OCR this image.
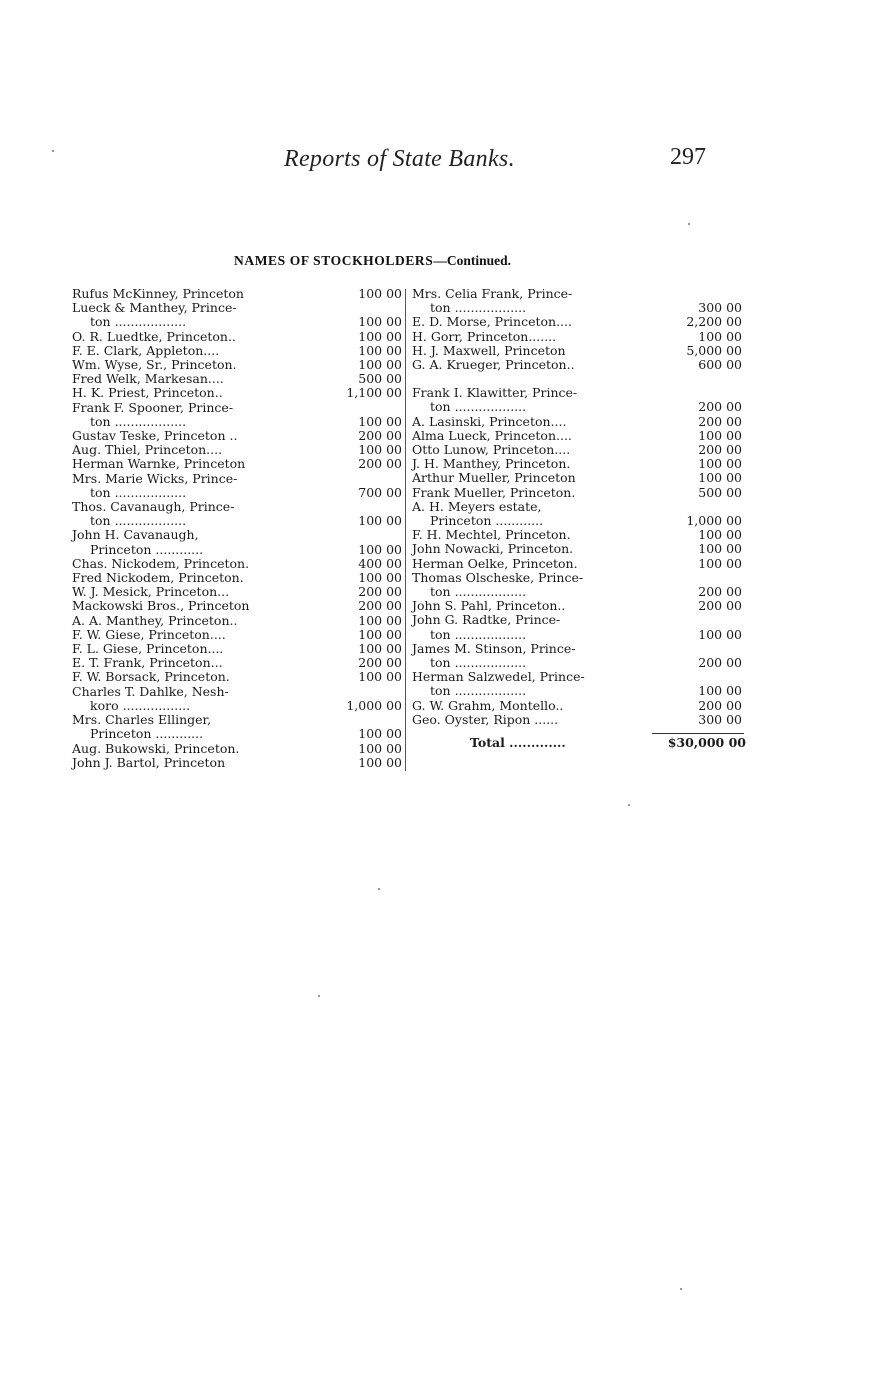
Reports of State Banks.	297
NAMES OF STOCKHOLDERS—Continued.
Rufus McKinney, Princeton	100 00
Lueck & Manthey, Prince-
ton ..................	100 00
O. R. Luedtke, Princeton..	100 00
F. E. Clark, Appleton....	100 00
Wm. Wyse, Sr., Princeton.	100 00
Fred Welk, Markesan....	500 00
H. K. Priest, Princeton..	1,100 00
Frank F. Spooner, Prince-
ton ..................	100 00
Gustav Teske, Princeton ..	200 00
Aug. Thiel, Princeton....	100 00
Herman Warnke, Princeton	200 00
Mrs. Marie Wicks, Prince-
ton ..................	700 00
Thos. Cavanaugh, Prince-
ton ..................	100 00
John H. Cavanaugh,
Princeton ............	100 00
Chas. Nickodem, Princeton.	400 00
Fred Nickodem, Princeton.	100 00
W. J. Mesick, Princeton...	200 00
Mackowski Bros., Princeton	200 00
A. A. Manthey, Princeton..	100 00
F. W. Giese, Princeton....	100 00
F. L. Giese, Princeton....	100 00
E. T. Frank, Princeton...	200 00
F. W. Borsack, Princeton.	100 00
Charles T. Dahlke, Nesh-
koro .................	1,000 00
Mrs. Charles Ellinger,
Princeton ............	100 00
Aug. Bukowski, Princeton.	100 00
John J. Bartol, Princeton	100 00
Mrs. Celia Frank, Prince-
ton ..................	300 00
E. D. Morse, Princeton....	2,200 00
H. Gorr, Princeton.......	100 00
H. J. Maxwell, Princeton	5,000 00
G. A. Krueger, Princeton..	600 00
Frank I. Klawitter, Prince-
ton ..................	200 00
A. Lasinski, Princeton....	200 00
Alma Lueck, Princeton....	100 00
Otto Lunow, Princeton....	200 00
J. H. Manthey, Princeton.	100 00
Arthur Mueller, Princeton	100 00
Frank Mueller, Princeton.	500 00
A. H. Meyers estate,
Princeton ............	1,000 00
F. H. Mechtel, Princeton.	100 00
John Nowacki, Princeton.	100 00
Herman Oelke, Princeton.	100 00
Thomas Olscheske, Prince-
ton ..................	200 00
John S. Pahl, Princeton..	200 00
John G. Radtke, Prince-
ton ..................	100 00
James M. Stinson, Prince-
ton ..................	200 00
Herman Salzwedel, Prince-
ton ..................	100 00
G. W. Grahm, Montello..	200 00
Geo. Oyster, Ripon ......	300 00
Total .............	$30,000 00
